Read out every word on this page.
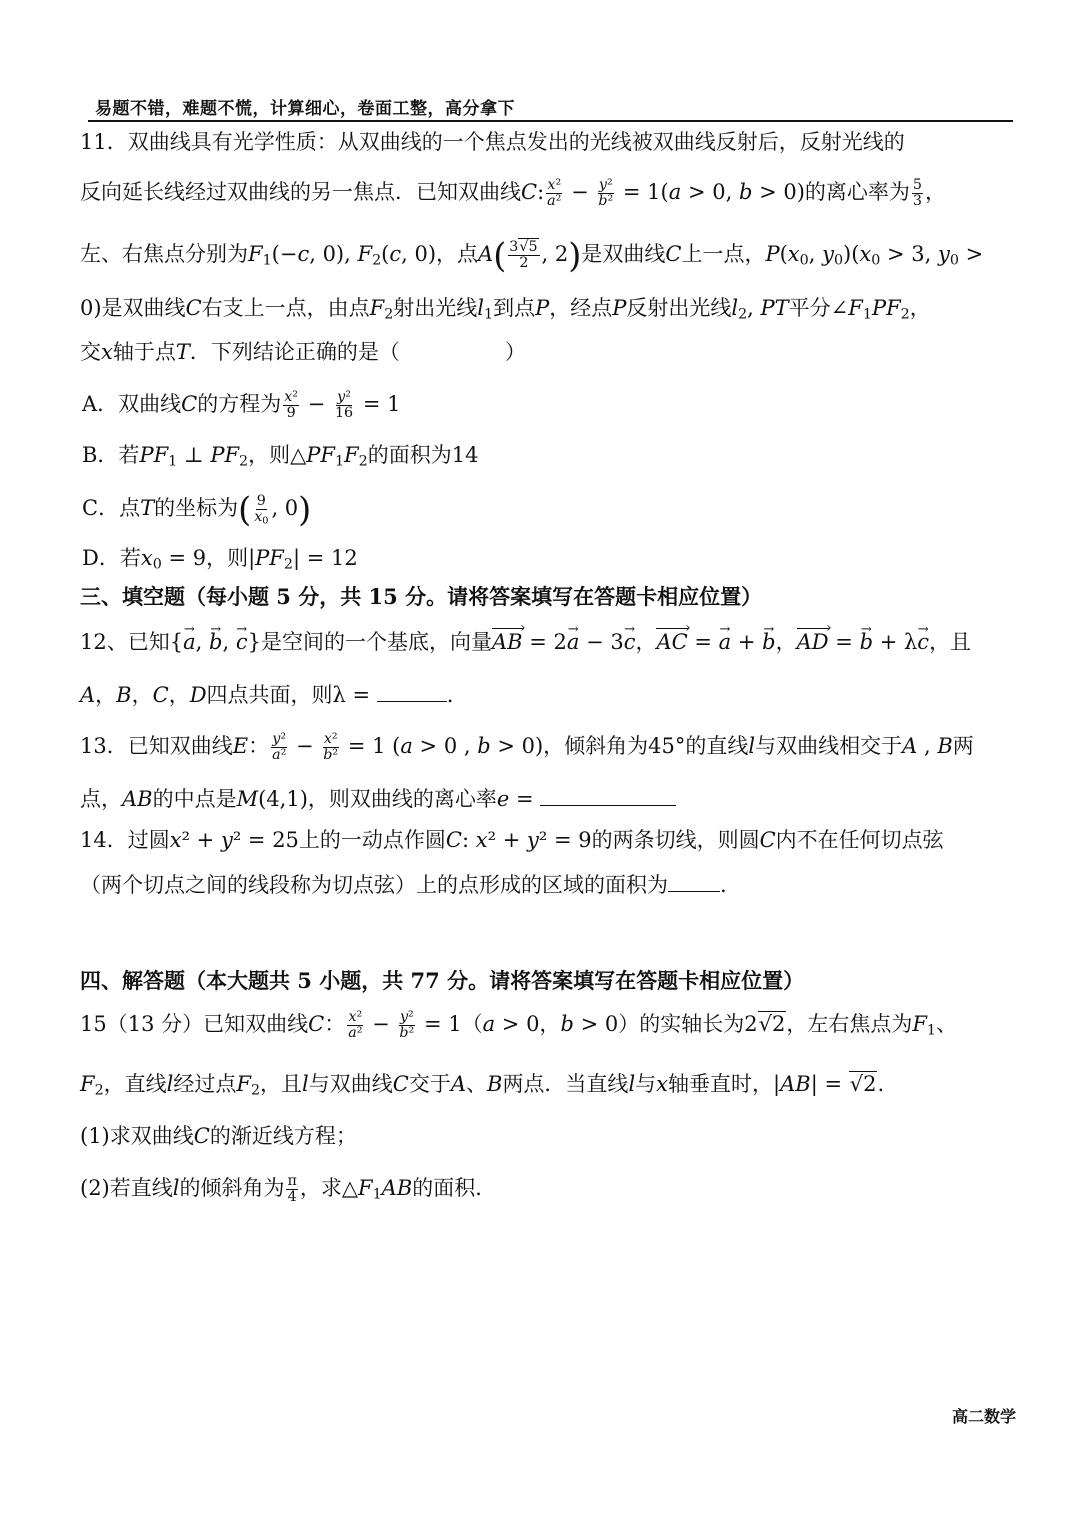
易题不错，难题不慌，计算细心，卷面工整，高分拿下
11．双曲线具有光学性质：从双曲线的一个焦点发出的光线被双曲线反射后，反射光线的
反向延长线经过双曲线的另一焦点．已知双曲线C: $\frac{\text{x²}}{\text{a²}} - \frac{\text{y²}}{\text{b²}} = 1(a > 0$, b > 0)的离心率为 $\frac{5}{3}$ ，
左、右焦点分别为$F_1(-c$, 0), $F_2(c$, 0)，点$A( \frac{3√5}{2}$ , 2)是双曲线C上一点，$P(x_0$, $y_0)(x_0 > 3$, $y_0$ >
0)是双曲线C右支上一点，由点$F_2$射出光线$l_1$到点P，经点P反射出光线$l_2$, PT平分$\angle F_1PF_2$，
交x轴于点T．下列结论正确的是（　　　　　）
A．双曲线C的方程为 $\frac{\text{x²}}{9} - \frac{\text{y²}}{16} = 1$
B．若$PF_1$ ⊥ $PF_2$，则$\triangle PF_1F_2$的面积为14
C．点T的坐标为( $\frac{9}{x_0}$ , 0)
D．若$x_0 = 9$，则$|PF_2| = 12$
三、填空题（每小题 5 分，共 15 分。请将答案填写在答题卡相应位置）
12、已知{→ a, → b, → c}是空间的一个基底，向量AB › = 2→ a − 3→ c，AC › = → a + → b，AD › = → b + λ→ c，且
A，B，C，D四点共面，则λ =	.
13．已知双曲线E： $\frac{\text{y²}}{\text{a²}} - \frac{\text{x²}}{\text{b²}} = 1$ (a > 0 , b > 0)，倾斜角为45°的直线l与双曲线相交于A , B两
点，AB的中点是M(4,1)，则双曲线的离心率e =
14．过圆x² + y² = 25上的一动点作圆C: x² + y² = 9的两条切线，则圆C内不在任何切点弦
（两个切点之间的线段称为切点弦）上的点形成的区域的面积为 .
四、解答题（本大题共 5 小题，共 77 分。请将答案填写在答题卡相应位置）
15（13 分）已知双曲线C： $\frac{\text{x²}}{\text{a²}} - \frac{\text{y²}}{\text{b²}} = 1(a > 0$，b > 0）的实轴长为2√2，左右焦点为$F_1$、
$F_2$，直线l经过点$F_2$，且l与双曲线C交于A、B两点．当直线l与x轴垂直时，|AB| = √2.
(1)求双曲线C的渐近线方程；
(2)若直线l的倾斜角为 $\frac{\pi}{4}$ ，求$\triangle F_1AB$的面积．
高二数学
